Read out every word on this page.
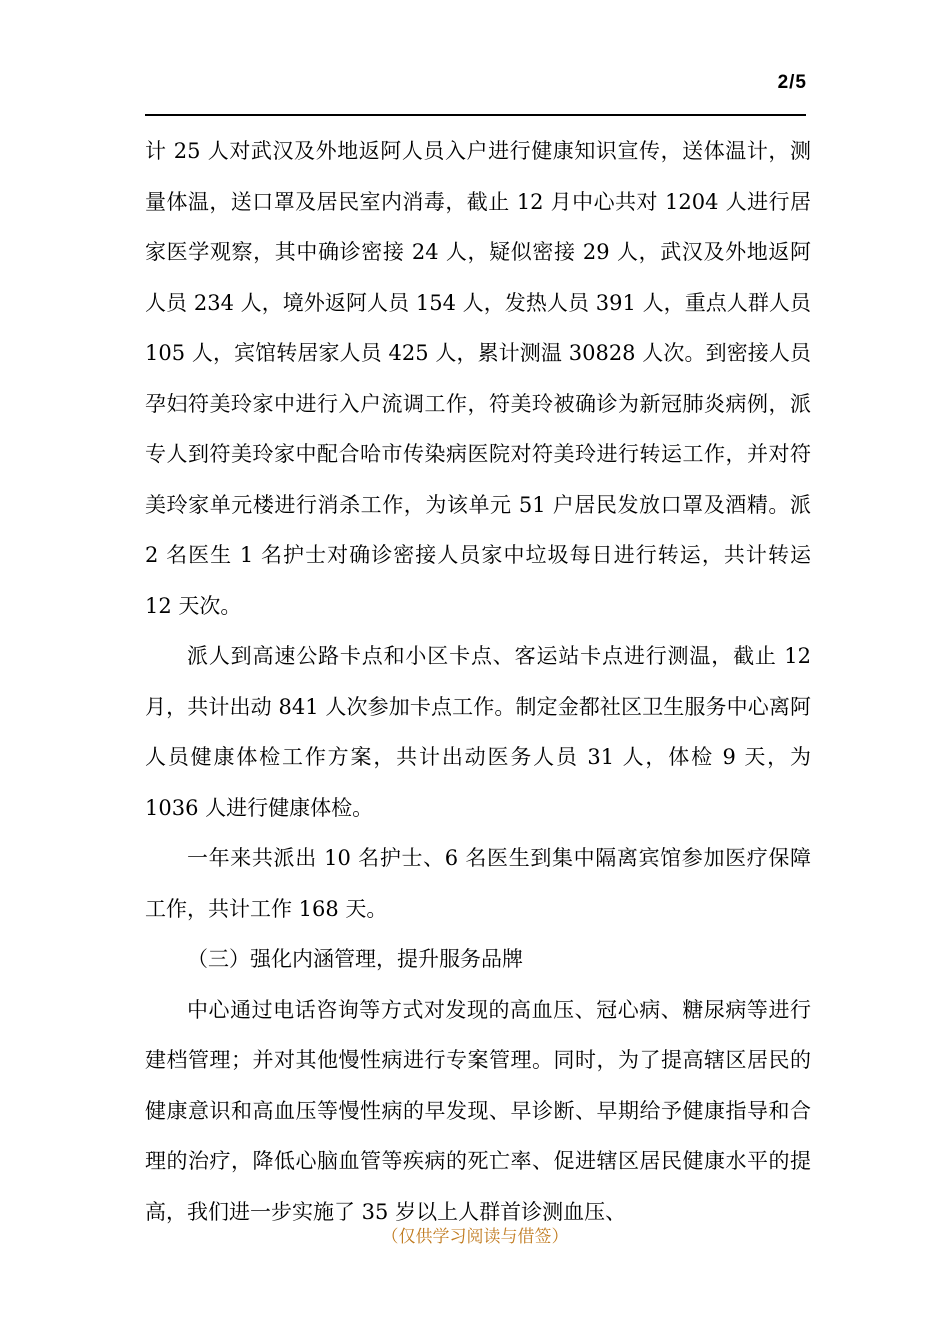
2/5

计 25 人对武汉及外地返阿人员入户进行健康知识宣传，送体温计，测量体温，送口罩及居民室内消毒，截止 12 月中心共对 1204 人进行居家医学观察，其中确诊密接 24 人，疑似密接 29 人，武汉及外地返阿人员 234 人，境外返阿人员 154 人，发热人员 391 人，重点人群人员 105 人，宾馆转居家人员 425 人，累计测温 30828 人次。到密接人员孕妇符美玲家中进行入户流调工作，符美玲被确诊为新冠肺炎病例，派专人到符美玲家中配合哈市传染病医院对符美玲进行转运工作，并对符美玲家单元楼进行消杀工作，为该单元 51 户居民发放口罩及酒精。派 2 名医生 1 名护士对确诊密接人员家中垃圾每日进行转运，共计转运 12 天次。

派人到高速公路卡点和小区卡点、客运站卡点进行测温，截止 12 月，共计出动 841 人次参加卡点工作。制定金都社区卫生服务中心离阿人员健康体检工作方案，共计出动医务人员 31 人，体检 9 天，为 1036 人进行健康体检。

一年来共派出 10 名护士、6 名医生到集中隔离宾馆参加医疗保障工作，共计工作 168 天。

（三）强化内涵管理，提升服务品牌

中心通过电话咨询等方式对发现的高血压、冠心病、糖尿病等进行建档管理；并对其他慢性病进行专案管理。同时，为了提高辖区居民的健康意识和高血压等慢性病的早发现、早诊断、早期给予健康指导和合理的治疗，降低心脑血管等疾病的死亡率、促进辖区居民健康水平的提高，我们进一步实施了 35 岁以上人群首诊测血压、

（仅供学习阅读与借签）
